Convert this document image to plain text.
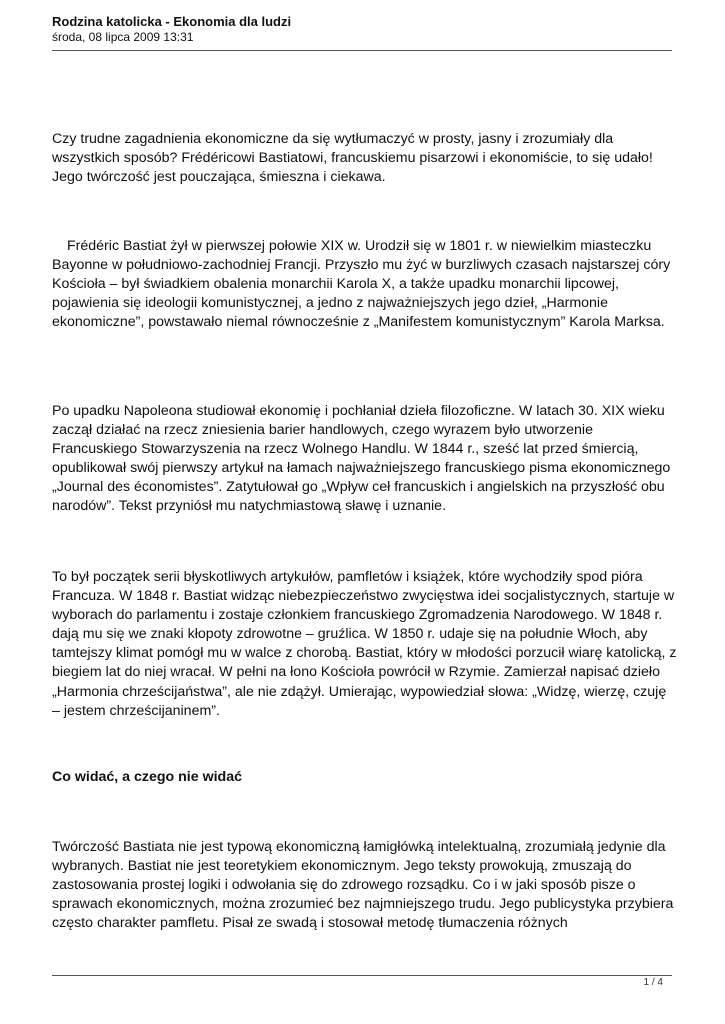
Rodzina katolicka - Ekonomia dla ludzi
środa, 08 lipca 2009 13:31

Czy trudne zagadnienia ekonomiczne da się wytłumaczyć w prosty, jasny i zrozumiały dla wszystkich sposób? Frédéricowi Bastiatowi, francuskiemu pisarzowi i ekonomiście, to się udało! Jego twórczość jest pouczająca, śmieszna i ciekawa.

Frédéric Bastiat żył w pierwszej połowie XIX w. Urodził się w 1801 r. w niewielkim miasteczku Bayonne w południowo-zachodniej Francji. Przyszło mu żyć w burzliwych czasach najstarszej córy Kościoła – był świadkiem obalenia monarchii Karola X, a także upadku monarchii lipcowej, pojawienia się ideologii komunistycznej, a jedno z najważniejszych jego dzieł, „Harmonie ekonomiczne”, powstawało niemal równocześnie z „Manifestem komunistycznym” Karola Marksa.

Po upadku Napoleona studiował ekonomię i pochłaniał dzieła filozoficzne. W latach 30. XIX wieku zaczął działać na rzecz zniesienia barier handlowych, czego wyrazem było utworzenie Francuskiego Stowarzyszenia na rzecz Wolnego Handlu. W 1844 r., sześć lat przed śmiercią, opublikował swój pierwszy artykuł na łamach najważniejszego francuskiego pisma ekonomicznego „Journal des économistes”. Zatytułował go „Wpływ ceł francuskich i angielskich na przyszłość obu narodów”. Tekst przyniósł mu natychmiastową sławę i uznanie.

To był początek serii błyskotliwych artykułów, pamfletów i książek, które wychodziły spod pióra Francuza. W 1848 r. Bastiat widząc niebezpieczeństwo zwycięstwa idei socjalistycznych, startuje w wyborach do parlamentu i zostaje członkiem francuskiego Zgromadzenia Narodowego. W 1848 r. dają mu się we znaki kłopoty zdrowotne – gruźlica. W 1850 r. udaje się na południe Włoch, aby tamtejszy klimat pomógł mu w walce z chorobą. Bastiat, który w młodości porzucił wiarę katolicką, z biegiem lat do niej wracał. W pełni na łono Kościoła powrócił w Rzymie. Zamierzał napisać dzieło „Harmonia chrześcijaństwa”, ale nie zdążył. Umierając, wypowiedział słowa: „Widzę, wierzę, czuję – jestem chrześcijaninem”.

Co widać, a czego nie widać

Twórczość Bastiata nie jest typową ekonomiczną łamigłówką intelektualną, zrozumiałą jedynie dla wybranych. Bastiat nie jest teoretykiem ekonomicznym. Jego teksty prowokują, zmuszają do zastosowania prostej logiki i odwołania się do zdrowego rozsądku. Co i w jaki sposób pisze o sprawach ekonomicznych, można zrozumieć bez najmniejszego trudu. Jego publicystyka przybiera często charakter pamfletu. Pisał ze swadą i stosował metodę tłumaczenia różnych

1 / 4
